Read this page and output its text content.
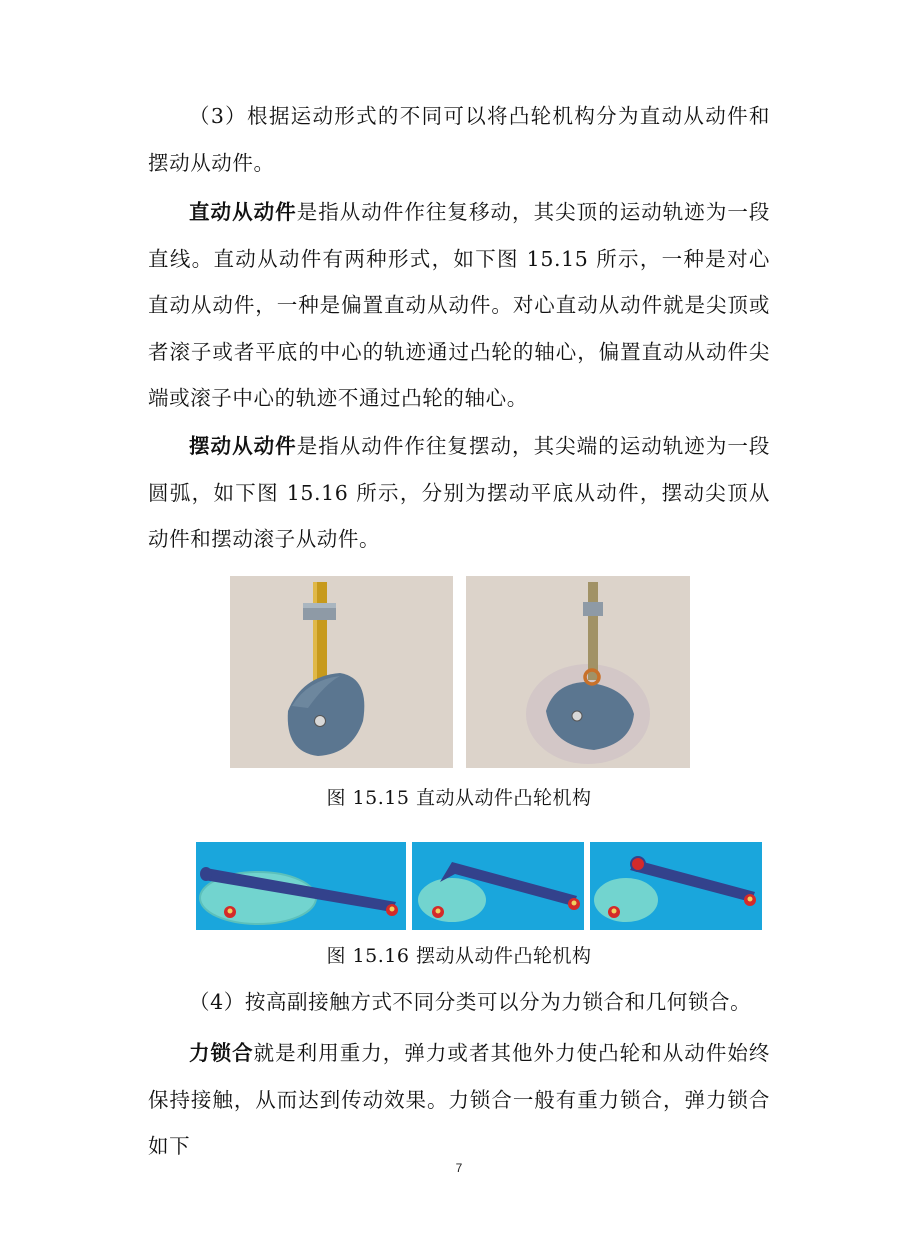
（3）根据运动形式的不同可以将凸轮机构分为直动从动件和摆动从动件。

直动从动件是指从动件作往复移动，其尖顶的运动轨迹为一段直线。直动从动件有两种形式，如下图 15.15 所示，一种是对心直动从动件，一种是偏置直动从动件。对心直动从动件就是尖顶或者滚子或者平底的中心的轨迹通过凸轮的轴心，偏置直动从动件尖端或滚子中心的轨迹不通过凸轮的轴心。

摆动从动件是指从动件作往复摆动，其尖端的运动轨迹为一段圆弧，如下图 15.16 所示，分别为摆动平底从动件，摆动尖顶从动件和摆动滚子从动件。

图 15.15 直动从动件凸轮机构
图 15.16 摆动从动件凸轮机构

（4）按高副接触方式不同分类可以分为力锁合和几何锁合。

力锁合就是利用重力，弹力或者其他外力使凸轮和从动件始终保持接触，从而达到传动效果。力锁合一般有重力锁合，弹力锁合如下

7
